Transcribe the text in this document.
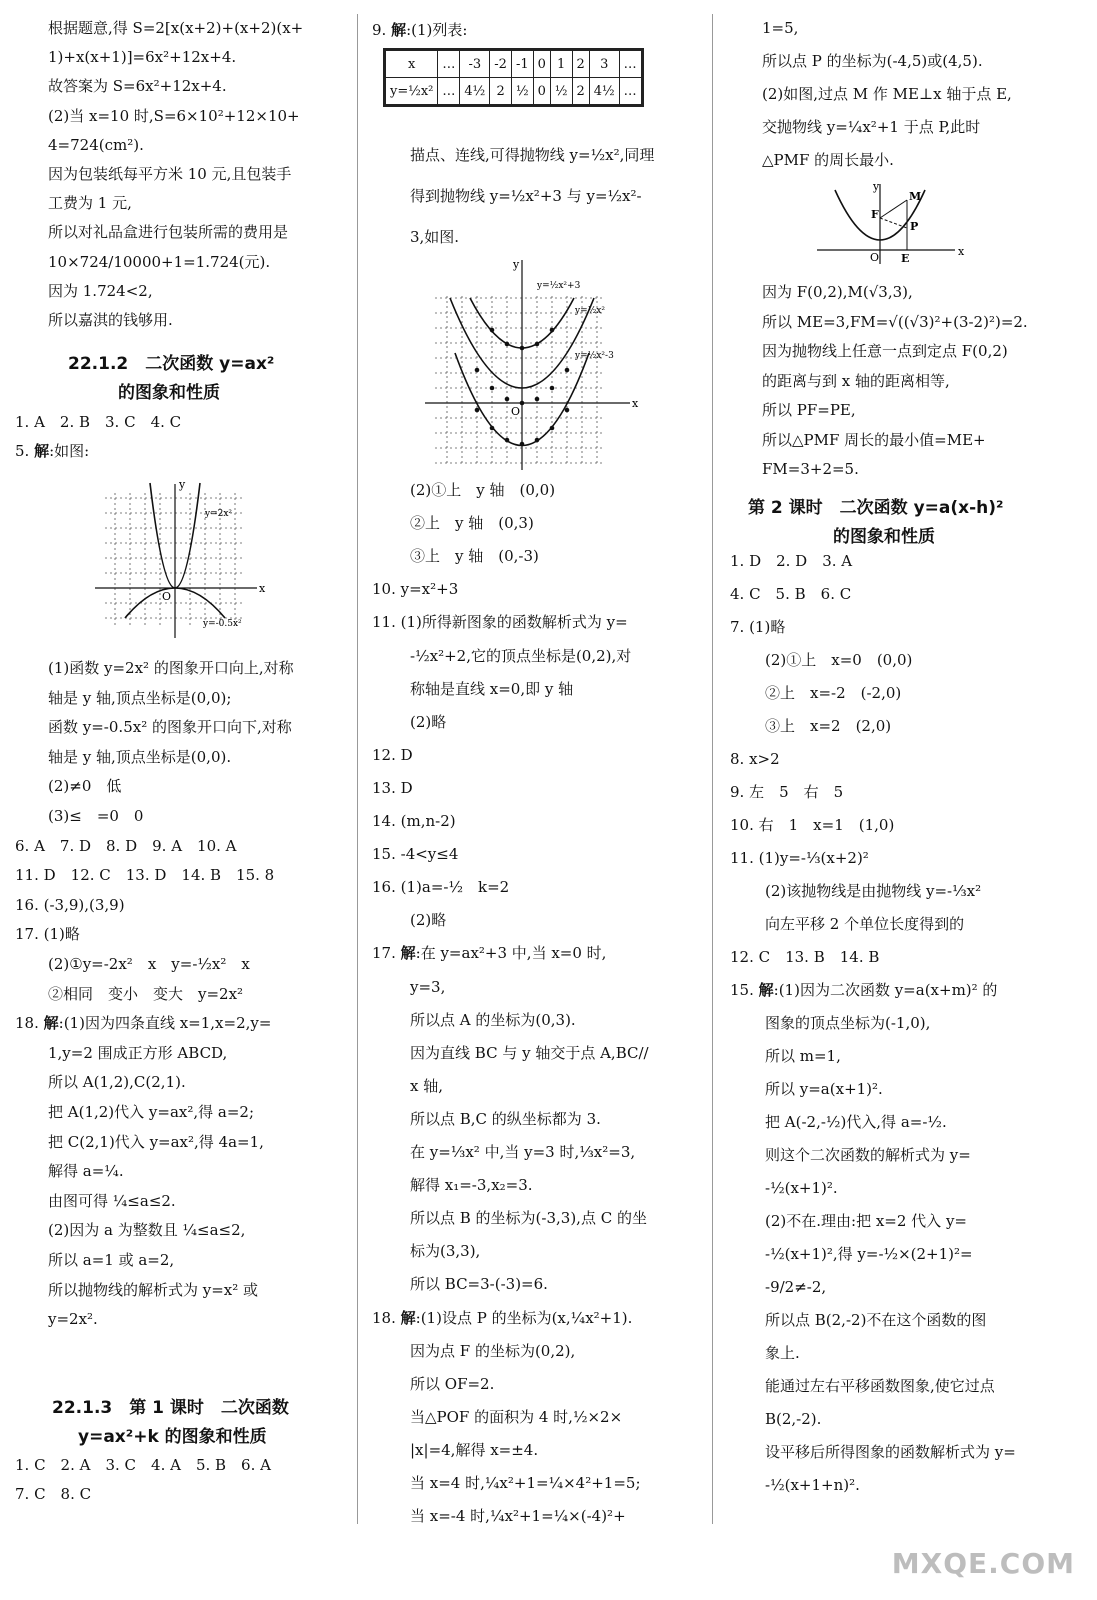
22.1.2　二次函数 y=ax²
的图象和性质
x
y
O
y=2x²
y=-0.5x²
22.1.3　第 1 课时　二次函数
y=ax²+k 的图象和性质
9. 解:(1)列表:
x	…	-3	-2	-1	0	1	2	3	…
y=½x²	…	4½	2	½	0	½	2	4½	…
x
y
O
y=½x²+3
y=½x²
y=½x²-3
x
y
O
F
M
P
E
第 2 课时　二次函数 y=a(x-h)²
的图象和性质
MXQE.COM
根据题意,得 S=2[x(x+2)+(x+2)(x+
1)+x(x+1)]=6x²+12x+4.
故答案为 S=6x²+12x+4.
(2)当 x=10 时,S=6×10²+12×10+
4=724(cm²).
因为包装纸每平方米 10 元,且包装手
工费为 1 元,
所以对礼品盒进行包装所需的费用是
10×724/10000+1=1.724(元).
因为 1.724<2,
所以嘉淇的钱够用.
1. A　2. B　3. C　4. C
5. 解:如图:
(1)函数 y=2x² 的图象开口向上,对称
轴是 y 轴,顶点坐标是(0,0);
函数 y=-0.5x² 的图象开口向下,对称
轴是 y 轴,顶点坐标是(0,0).
(2)≠0　低
(3)≤　=0　0
6. A　7. D　8. D　9. A　10. A
11. D　12. C　13. D　14. B　15. 8
16. (-3,9),(3,9)
17. (1)略
(2)①y=-2x²　x　y=-½x²　x
②相同　变小　变大　y=2x²
18. 解:(1)因为四条直线 x=1,x=2,y=
1,y=2 围成正方形 ABCD,
所以 A(1,2),C(2,1).
把 A(1,2)代入 y=ax²,得 a=2;
把 C(2,1)代入 y=ax²,得 4a=1,
解得 a=¼.
由图可得 ¼≤a≤2.
(2)因为 a 为整数且 ¼≤a≤2,
所以 a=1 或 a=2,
所以抛物线的解析式为 y=x² 或
y=2x².
1. C　2. A　3. C　4. A　5. B　6. A
7. C　8. C
描点、连线,可得抛物线 y=½x²,同理
得到抛物线 y=½x²+3 与 y=½x²-
3,如图.
(2)①上　y 轴　(0,0)
②上　y 轴　(0,3)
③上　y 轴　(0,-3)
10. y=x²+3
11. (1)所得新图象的函数解析式为 y=
-½x²+2,它的顶点坐标是(0,2),对
称轴是直线 x=0,即 y 轴
(2)略
12. D
13. D
14. (m,n-2)
15. -4<y≤4
16. (1)a=-½　k=2
(2)略
17. 解:在 y=ax²+3 中,当 x=0 时,
y=3,
所以点 A 的坐标为(0,3).
因为直线 BC 与 y 轴交于点 A,BC//
x 轴,
所以点 B,C 的纵坐标都为 3.
在 y=⅓x² 中,当 y=3 时,⅓x²=3,
解得 x₁=-3,x₂=3.
所以点 B 的坐标为(-3,3),点 C 的坐
标为(3,3),
所以 BC=3-(-3)=6.
18. 解:(1)设点 P 的坐标为(x,¼x²+1).
因为点 F 的坐标为(0,2),
所以 OF=2.
当△POF 的面积为 4 时,½×2×
|x|=4,解得 x=±4.
当 x=4 时,¼x²+1=¼×4²+1=5;
当 x=-4 时,¼x²+1=¼×(-4)²+
1=5,
所以点 P 的坐标为(-4,5)或(4,5).
(2)如图,过点 M 作 ME⊥x 轴于点 E,
交抛物线 y=¼x²+1 于点 P,此时
△PMF 的周长最小.
因为 F(0,2),M(√3,3),
所以 ME=3,FM=√((√3)²+(3-2)²)=2.
因为抛物线上任意一点到定点 F(0,2)
的距离与到 x 轴的距离相等,
所以 PF=PE,
所以△PMF 周长的最小值=ME+
FM=3+2=5.
1. D　2. D　3. A
4. C　5. B　6. C
7. (1)略
(2)①上　x=0　(0,0)
②上　x=-2　(-2,0)
③上　x=2　(2,0)
8. x>2
9. 左　5　右　5
10. 右　1　x=1　(1,0)
11. (1)y=-⅓(x+2)²
(2)该抛物线是由抛物线 y=-⅓x²
向左平移 2 个单位长度得到的
12. C　13. B　14. B
15. 解:(1)因为二次函数 y=a(x+m)² 的
图象的顶点坐标为(-1,0),
所以 m=1,
所以 y=a(x+1)².
把 A(-2,-½)代入,得 a=-½.
则这个二次函数的解析式为 y=
-½(x+1)².
(2)不在.理由:把 x=2 代入 y=
-½(x+1)²,得 y=-½×(2+1)²=
-9/2≠-2,
所以点 B(2,-2)不在这个函数的图
象上.
能通过左右平移函数图象,使它过点
B(2,-2).
设平移后所得图象的函数解析式为 y=
-½(x+1+n)².
